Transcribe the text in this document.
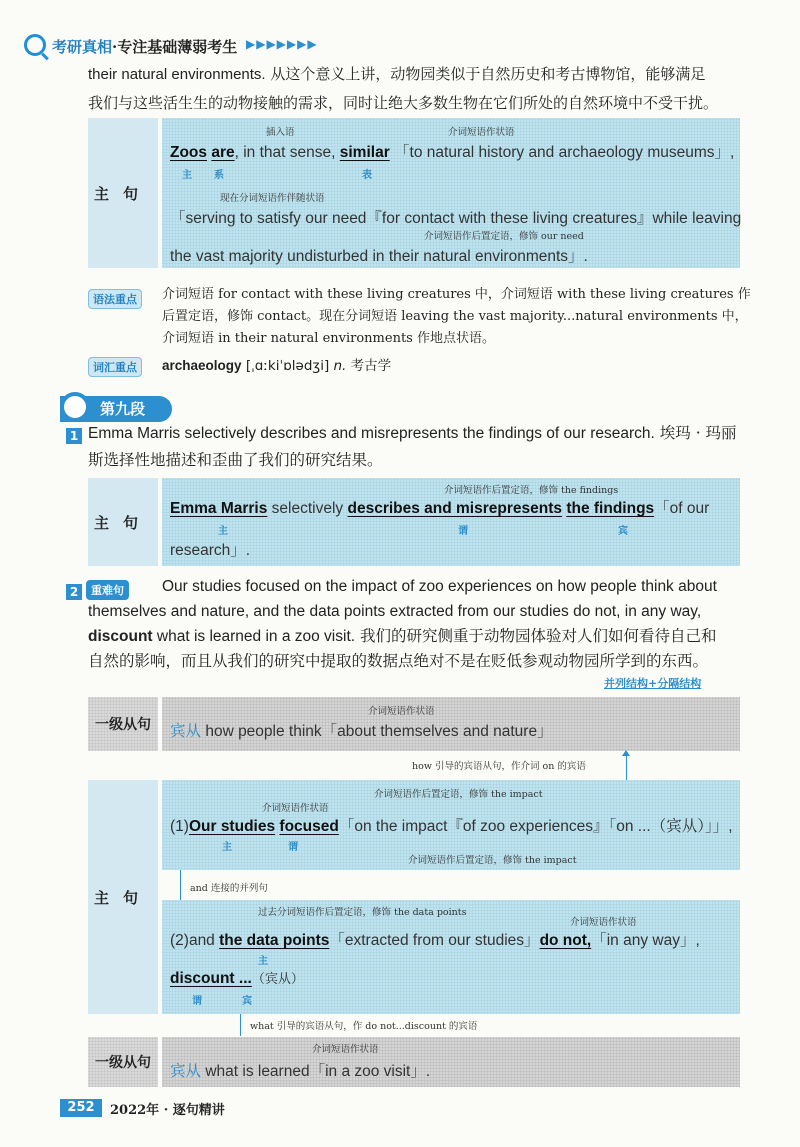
考研真相·专注基础薄弱考生 ▶▶▶▶▶▶▶
their natural environments. 从这个意义上讲，动物园类似于自然历史和考古博物馆，能够满足
我们与这些活生生的动物接触的需求，同时让绝大多数生物在它们所处的自然环境中不受干扰。
主句
插入语	介词短语作状语
Zoos are, in that sense, similar 「to natural history and archaeology museums」,
主 系	表
现在分词短语作伴随状语
「serving to satisfy our need『for contact with these living creatures』while leaving
介词短语作后置定语，修饰 our need
the vast majority undisturbed in their natural environments」.
语法重点	介词短语 for contact with these living creatures 中，介词短语 with these living creatures 作
后置定语，修饰 contact。现在分词短语 leaving the vast majority...natural environments 中，
介词短语 in their natural environments 作地点状语。
词汇重点	archaeology [ˌɑːkiˈɒlədʒi] n. 考古学
第九段
1 Emma Marris selectively describes and misrepresents the findings of our research. 埃玛 · 玛丽
斯选择性地描述和歪曲了我们的研究结果。
主句
介词短语作后置定语，修饰 the findings
Emma Marris selectively describes and misrepresents the findings「of our
主	谓	宾
research」.
2	重难句	Our studies focused on the impact of zoo experiences on how people think about
themselves and nature, and the data points extracted from our studies do not, in any way,
discount what is learned in a zoo visit. 我们的研究侧重于动物园体验对人们如何看待自己和
自然的影响，而且从我们的研究中提取的数据点绝对不是在贬低参观动物园所学到的东西。
并列结构+分隔结构
一级从句
介词短语作状语
宾从 how people think「about themselves and nature」
how 引导的宾语从句，作介词 on 的宾语
主句
介词短语作后置定语，修饰 the impact
介词短语作状语
(1)Our studies focused「on the impact『of zoo experiences』「on ...（宾从）」」,
主	谓
介词短语作后置定语，修饰 the impact
and 连接的并列句
过去分词短语作后置定语，修饰 the data points
介词短语作状语
(2)and the data points「extracted from our studies」do not,「in any way」,
主
discount ...（宾从）
谓	宾
what 引导的宾语从句，作 do not...discount 的宾语
一级从句
介词短语作状语
宾从 what is learned「in a zoo visit」.
252	2022年 · 逐句精讲
